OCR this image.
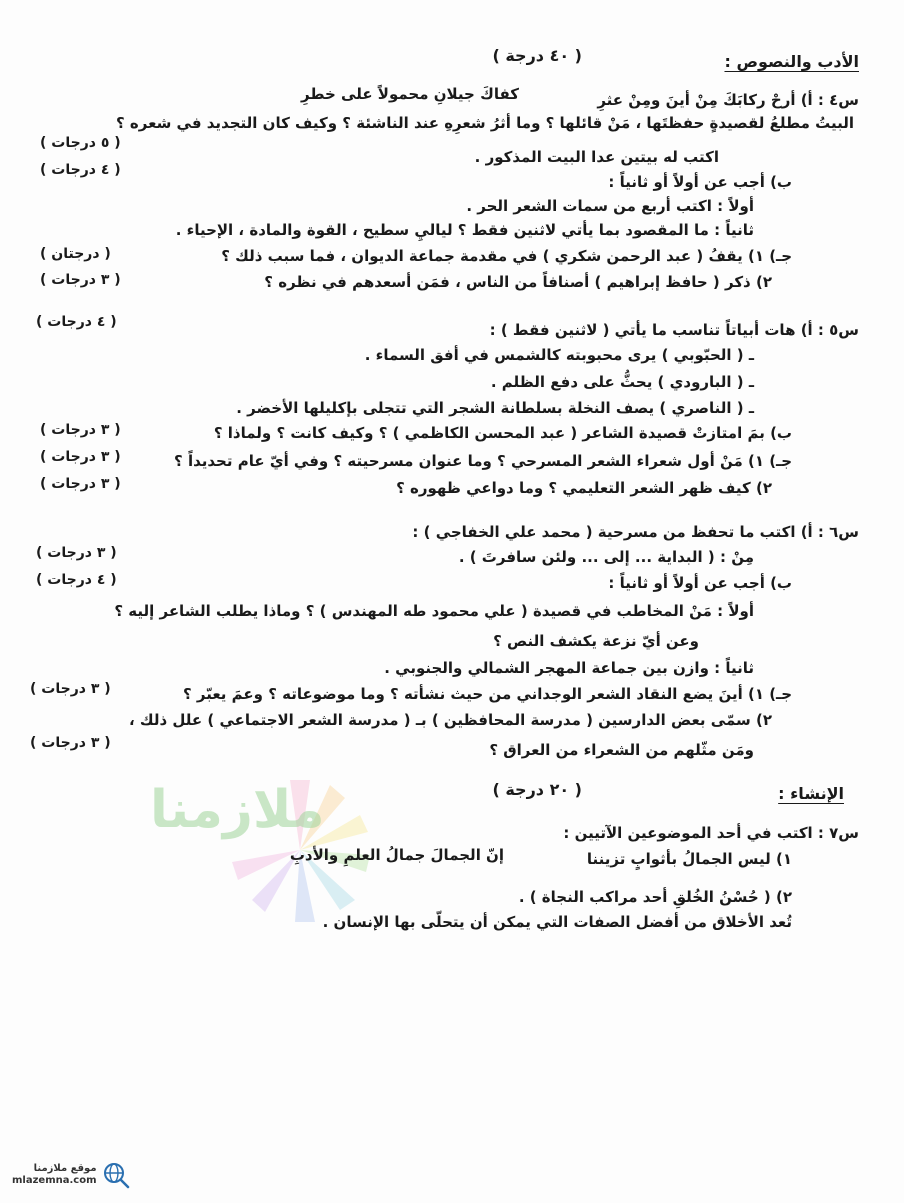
ملازمنا
الأدب والنصوص :
( ٤٠ درجة )
س٤ : أ) أرحْ ركابَكَ مِنْ أينَ ومِنْ عثرِ
كفاكَ جيلانِ محمولاً على خطرِ
البيتُ مطلعُ لقصيدةٍ حفظتَها ، مَنْ قائلها ؟ وما أثرُ شعرِهِ عند الناشئة ؟ وكيف كان التجديد في شعره ؟
اكتب له بيتين عدا البيت المذكور .
( ٥ درجات )
( ٤ درجات )
ب) أجب عن أولاً أو ثانياً :
أولاً : اكتب أربع من سمات الشعر الحر .
ثانياً : ما المقصود بما يأتي لاثنين فقط ؟ لياليِ سطيح ، القوة والمادة ، الإحياء .
جـ) ١) يقفُ ( عبد الرحمن شكري ) في مقدمة جماعة الديوان ، فما سبب ذلك ؟
( درجتان )
٢) ذكر ( حافظ إبراهيم ) أصنافاً من الناس ، فمَن أسعدهم في نظره ؟
( ٣ درجات )
س٥ : أ) هات أبياتاً تناسب ما يأتي ( لاثنين فقط ) :
( ٤ درجات )
ـ ( الحبّوبي ) يرى محبوبته كالشمس في أفق السماء .
ـ ( البارودي ) يحثُّ على دفع الظلم .
ـ ( الناصري ) يصف النخلة بسلطانة الشجر التي تتجلى بإكليلها الأخضر .
ب) بمَ امتازتْ قصيدة الشاعر ( عبد المحسن الكاظمي ) ؟ وكيف كانت ؟ ولماذا ؟
( ٣ درجات )
جـ) ١) مَنْ أول شعراء الشعر المسرحي ؟ وما عنوان مسرحيته ؟ وفي أيّ عام تحديداً ؟
( ٣ درجات )
٢) كيف ظهر الشعر التعليمي ؟ وما دواعي ظهوره ؟
( ٣ درجات )
س٦ : أ) اكتب ما تحفظ من مسرحية ( محمد علي الخفاجي ) :
مِنْ : ( البداية ... إلى ... ولئن سافرتَ ) .
( ٣ درجات )
( ٤ درجات )	ب) أجب عن أولاً أو ثانياً :
أولاً : مَنْ المخاطب في قصيدة ( علي محمود طه المهندس ) ؟ وماذا يطلب الشاعر إليه ؟
وعن أيّ نزعة يكشف النص ؟
ثانياً : وازن بين جماعة المهجر الشمالي والجنوبي .
جـ) ١) أينَ يضع النقاد الشعر الوجداني من حيث نشأته ؟ وما موضوعاته ؟ وعمَ يعبّر ؟
( ٣ درجات )
٢) سمّى بعض الدارسين ( مدرسة المحافظين ) بـ ( مدرسة الشعر الاجتماعي ) علل ذلك ،
ومَن مثّلهم من الشعراء من العراق ؟
( ٣ درجات )
الإنشاء :
( ٢٠ درجة )
س٧ : اكتب في أحد الموضوعين الآتيين :
١) ليس الجمالُ بأثوابٍ تزيننا
إنّ الجمالَ جمالُ العلمِ والأدبِ
٢) ( حُسْنُ الخُلقِ أحد مراكب النجاة ) .
تُعد الأخلاق من أفضل الصفات التي يمكن أن يتحلّى بها الإنسان .
موقع ملازمنا
mlazemna.com
